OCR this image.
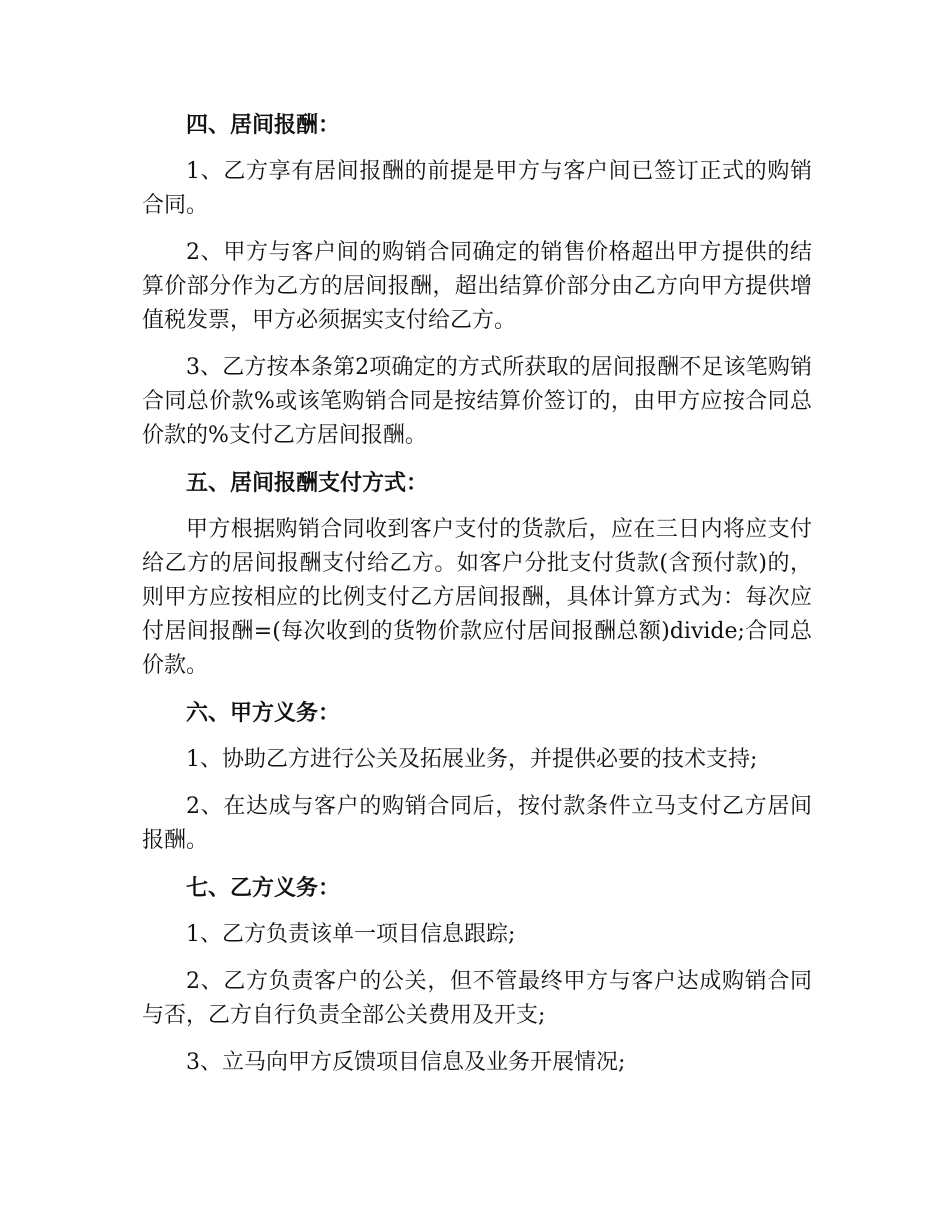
四、居间报酬：
1、乙方享有居间报酬的前提是甲方与客户间已签订正式的购销合同。
2、甲方与客户间的购销合同确定的销售价格超出甲方提供的结算价部分作为乙方的居间报酬，超出结算价部分由乙方向甲方提供增值税发票，甲方必须据实支付给乙方。
3、乙方按本条第2项确定的方式所获取的居间报酬不足该笔购销合同总价款%或该笔购销合同是按结算价签订的，由甲方应按合同总价款的%支付乙方居间报酬。
五、居间报酬支付方式：
甲方根据购销合同收到客户支付的货款后，应在三日内将应支付给乙方的居间报酬支付给乙方。如客户分批支付货款(含预付款)的，则甲方应按相应的比例支付乙方居间报酬，具体计算方式为：每次应付居间报酬=(每次收到的货物价款应付居间报酬总额)divide;合同总价款。
六、甲方义务：
1、协助乙方进行公关及拓展业务，并提供必要的技术支持;
2、在达成与客户的购销合同后，按付款条件立马支付乙方居间报酬。
七、乙方义务：
1、乙方负责该单一项目信息跟踪;
2、乙方负责客户的公关，但不管最终甲方与客户达成购销合同与否，乙方自行负责全部公关费用及开支;
3、立马向甲方反馈项目信息及业务开展情况;
